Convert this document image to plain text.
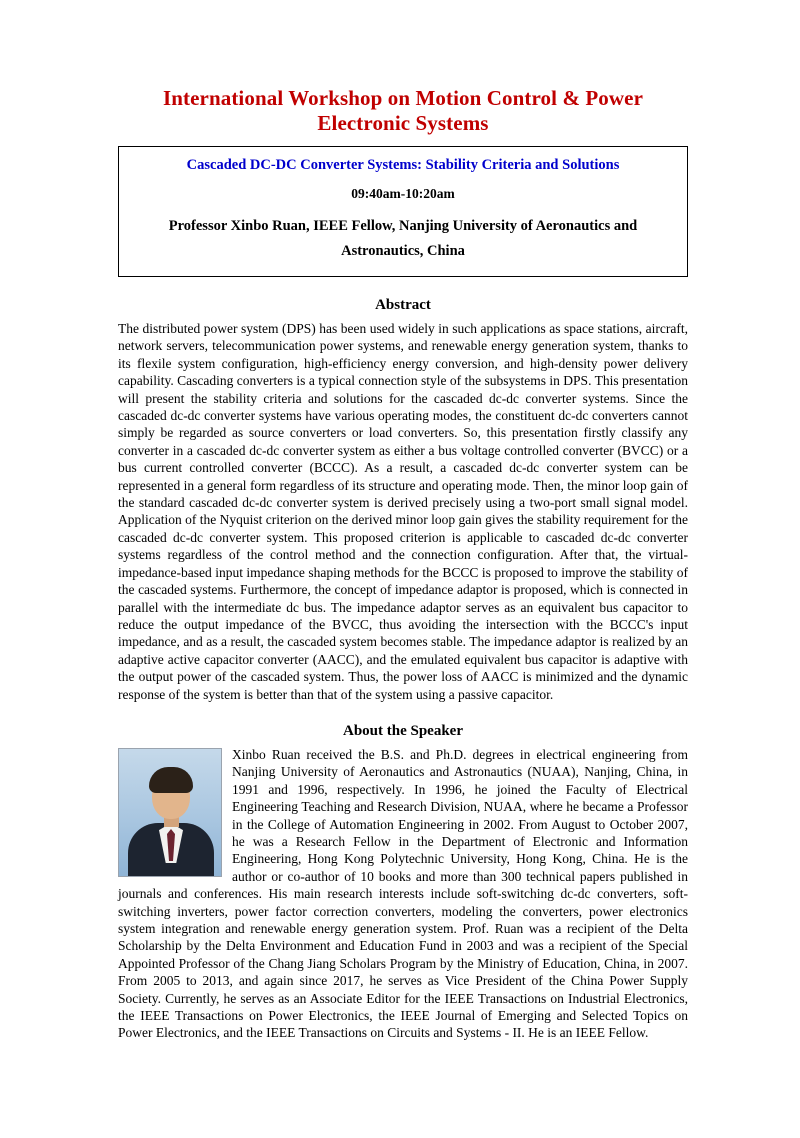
International Workshop on Motion Control & Power Electronic Systems
Cascaded DC-DC Converter Systems: Stability Criteria and Solutions
09:40am-10:20am
Professor Xinbo Ruan, IEEE Fellow, Nanjing University of Aeronautics and Astronautics, China
Abstract

The distributed power system (DPS) has been used widely in such applications as space stations, aircraft, network servers, telecommunication power systems, and renewable energy generation system, thanks to its flexile system configuration, high-efficiency energy conversion, and high-density power delivery capability. Cascading converters is a typical connection style of the subsystems in DPS. This presentation will present the stability criteria and solutions for the cascaded dc-dc converter systems. Since the cascaded dc-dc converter systems have various operating modes, the constituent dc-dc converters cannot simply be regarded as source converters or load converters. So, this presentation firstly classify any converter in a cascaded dc-dc converter system as either a bus voltage controlled converter (BVCC) or a bus current controlled converter (BCCC). As a result, a cascaded dc-dc converter system can be represented in a general form regardless of its structure and operating mode. Then, the minor loop gain of the standard cascaded dc-dc converter system is derived precisely using a two-port small signal model. Application of the Nyquist criterion on the derived minor loop gain gives the stability requirement for the cascaded dc-dc converter system. This proposed criterion is applicable to cascaded dc-dc converter systems regardless of the control method and the connection configuration. After that, the virtual-impedance-based input impedance shaping methods for the BCCC is proposed to improve the stability of the cascaded systems. Furthermore, the concept of impedance adaptor is proposed, which is connected in parallel with the intermediate dc bus. The impedance adaptor serves as an equivalent bus capacitor to reduce the output impedance of the BVCC, thus avoiding the intersection with the BCCC's input impedance, and as a result, the cascaded system becomes stable. The impedance adaptor is realized by an adaptive active capacitor converter (AACC), and the emulated equivalent bus capacitor is adaptive with the output power of the cascaded system. Thus, the power loss of AACC is minimized and the dynamic response of the system is better than that of the system using a passive capacitor.

About the Speaker

Xinbo Ruan received the B.S. and Ph.D. degrees in electrical engineering from Nanjing University of Aeronautics and Astronautics (NUAA), Nanjing, China, in 1991 and 1996, respectively. In 1996, he joined the Faculty of Electrical Engineering Teaching and Research Division, NUAA, where he became a Professor in the College of Automation Engineering in 2002. From August to October 2007, he was a Research Fellow in the Department of Electronic and Information Engineering, Hong Kong Polytechnic University, Hong Kong, China. He is the author or co-author of 10 books and more than 300 technical papers published in journals and conferences. His main research interests include soft-switching dc-dc converters, soft-switching inverters, power factor correction converters, modeling the converters, power electronics system integration and renewable energy generation system. Prof. Ruan was a recipient of the Delta Scholarship by the Delta Environment and Education Fund in 2003 and was a recipient of the Special Appointed Professor of the Chang Jiang Scholars Program by the Ministry of Education, China, in 2007. From 2005 to 2013, and again since 2017, he serves as Vice President of the China Power Supply Society. Currently, he serves as an Associate Editor for the IEEE Transactions on Industrial Electronics, the IEEE Transactions on Power Electronics, the IEEE Journal of Emerging and Selected Topics on Power Electronics, and the IEEE Transactions on Circuits and Systems - II. He is an IEEE Fellow.
